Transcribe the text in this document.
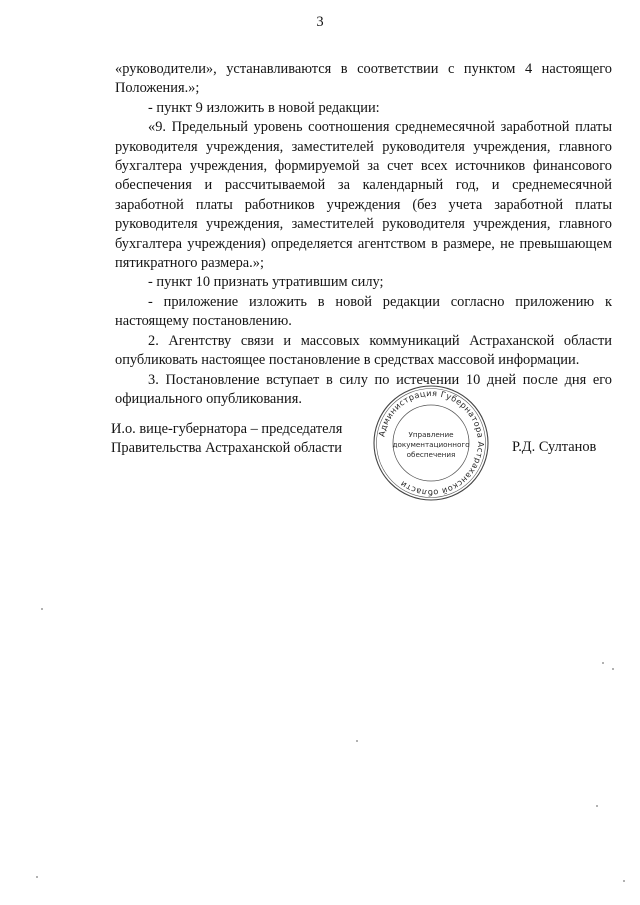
3

«руководители», устанавливаются в соответствии с пунктом 4 настоящего Положения.»;

- пункт 9 изложить в новой редакции:

«9. Предельный уровень соотношения среднемесячной заработной платы руководителя учреждения, заместителей руководителя учреждения, главного бухгалтера учреждения, формируемой за счет всех источников финансового обеспечения и рассчитываемой за календарный год, и среднемесячной заработной платы работников учреждения (без учета заработной платы руководителя учреждения, заместителей руководителя учреждения, главного бухгалтера учреждения) определяется агентством в размере, не превышающем пятикратного размера.»;

- пункт 10 признать утратившим силу;

- приложение изложить в новой редакции согласно приложению к настоящему постановлению.

2. Агентству связи и массовых коммуникаций Астраханской области опубликовать настоящее постановление в средствах массовой информации.

3. Постановление вступает в силу по истечении 10 дней после дня его официального опубликования.

И.о. вице-губернатора – председателя
Правительства Астраханской области	Р.Д. Султанов
Администрация Губернатора Астраханской области
Управление
документационного
обеспечения
